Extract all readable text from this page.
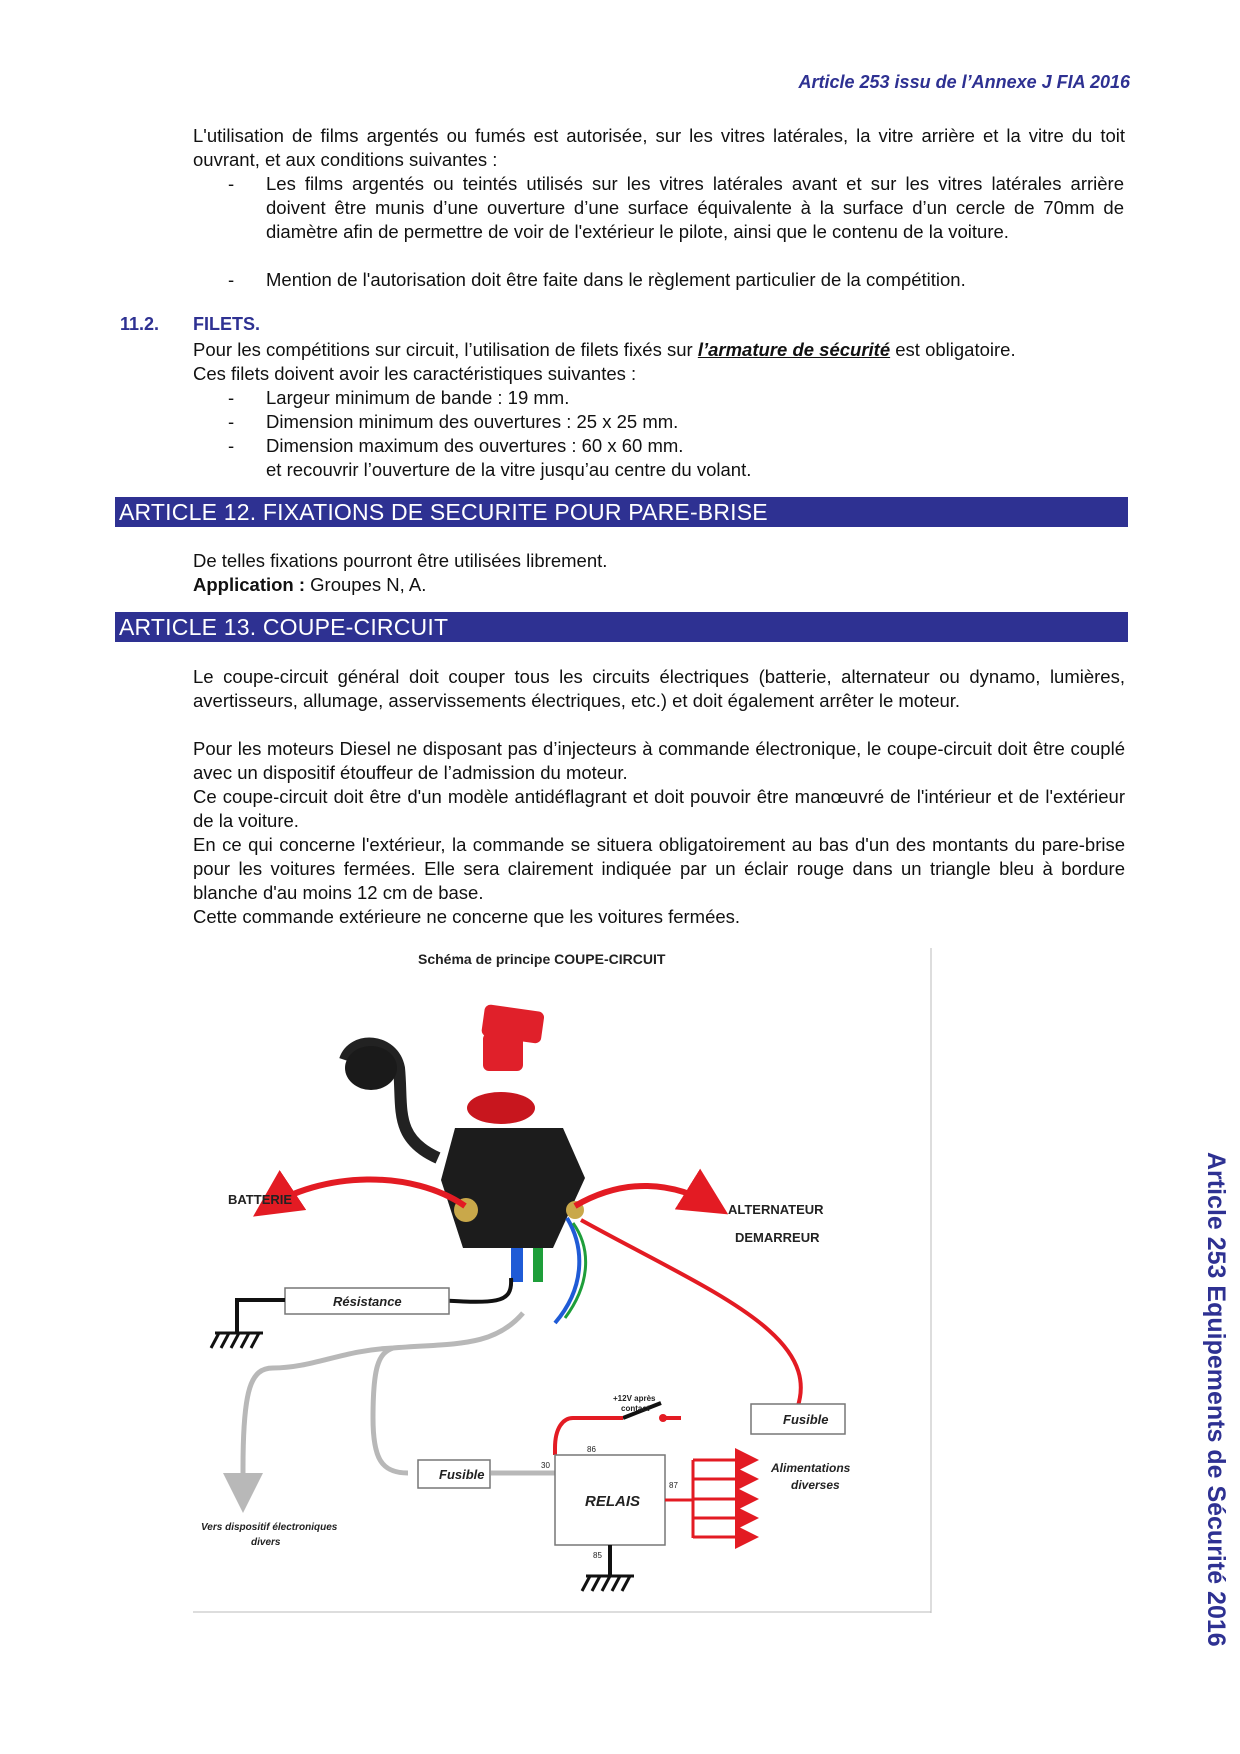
Article 253 issu de l’Annexe J FIA 2016
L'utilisation de films argentés ou fumés est autorisée, sur les vitres latérales, la vitre arrière et la vitre du toit ouvrant, et aux conditions suivantes :
- Les films argentés ou teintés utilisés sur les vitres latérales avant et sur les vitres latérales arrière doivent être munis d’une ouverture d’une surface équivalente à la surface d’un cercle de 70mm de diamètre afin de permettre de voir de l'extérieur le pilote, ainsi que le contenu de la voiture.
- Mention de l'autorisation doit être faite dans le règlement particulier de la compétition.
11.2. FILETS.
Pour les compétitions sur circuit, l’utilisation de filets fixés sur l’armature de sécurité est obligatoire.
Ces filets doivent avoir les caractéristiques suivantes :
- Largeur minimum de bande : 19 mm.
- Dimension minimum des ouvertures : 25 x 25 mm.
- Dimension maximum des ouvertures : 60 x 60 mm.
et recouvrir l’ouverture de la vitre jusqu’au centre du volant.
ARTICLE 12. FIXATIONS DE SECURITE POUR PARE-BRISE
De telles fixations pourront être utilisées librement.
Application : Groupes N, A.
ARTICLE 13. COUPE-CIRCUIT
Le coupe-circuit général doit couper tous les circuits électriques (batterie, alternateur ou dynamo, lumières, avertisseurs, allumage, asservissements électriques, etc.) et doit également arrêter le moteur.
Pour les moteurs Diesel ne disposant pas d’injecteurs à commande électronique, le coupe-circuit doit être couplé avec un dispositif étouffeur de l’admission du moteur.
Ce coupe-circuit doit être d'un modèle antidéflagrant et doit pouvoir être manœuvré de l'intérieur et de l'extérieur de la voiture.
En ce qui concerne l'extérieur, la commande se situera obligatoirement au bas d'un des montants du pare-brise pour les voitures fermées. Elle sera clairement indiquée par un éclair rouge dans un triangle bleu à bordure blanche d'au moins 12 cm de base.
Cette commande extérieure ne concerne que les voitures fermées.
Schéma de principe COUPE-CIRCUIT
BATTERIE
ALTERNATEUR
DEMARREUR
Résistance
Vers dispositif électroniques
divers
Fusible
Fusible
+12V après
contact
RELAIS
86
30
87
85
Alimentations
diverses	Article 253 Equipements de Sécurité 2016
